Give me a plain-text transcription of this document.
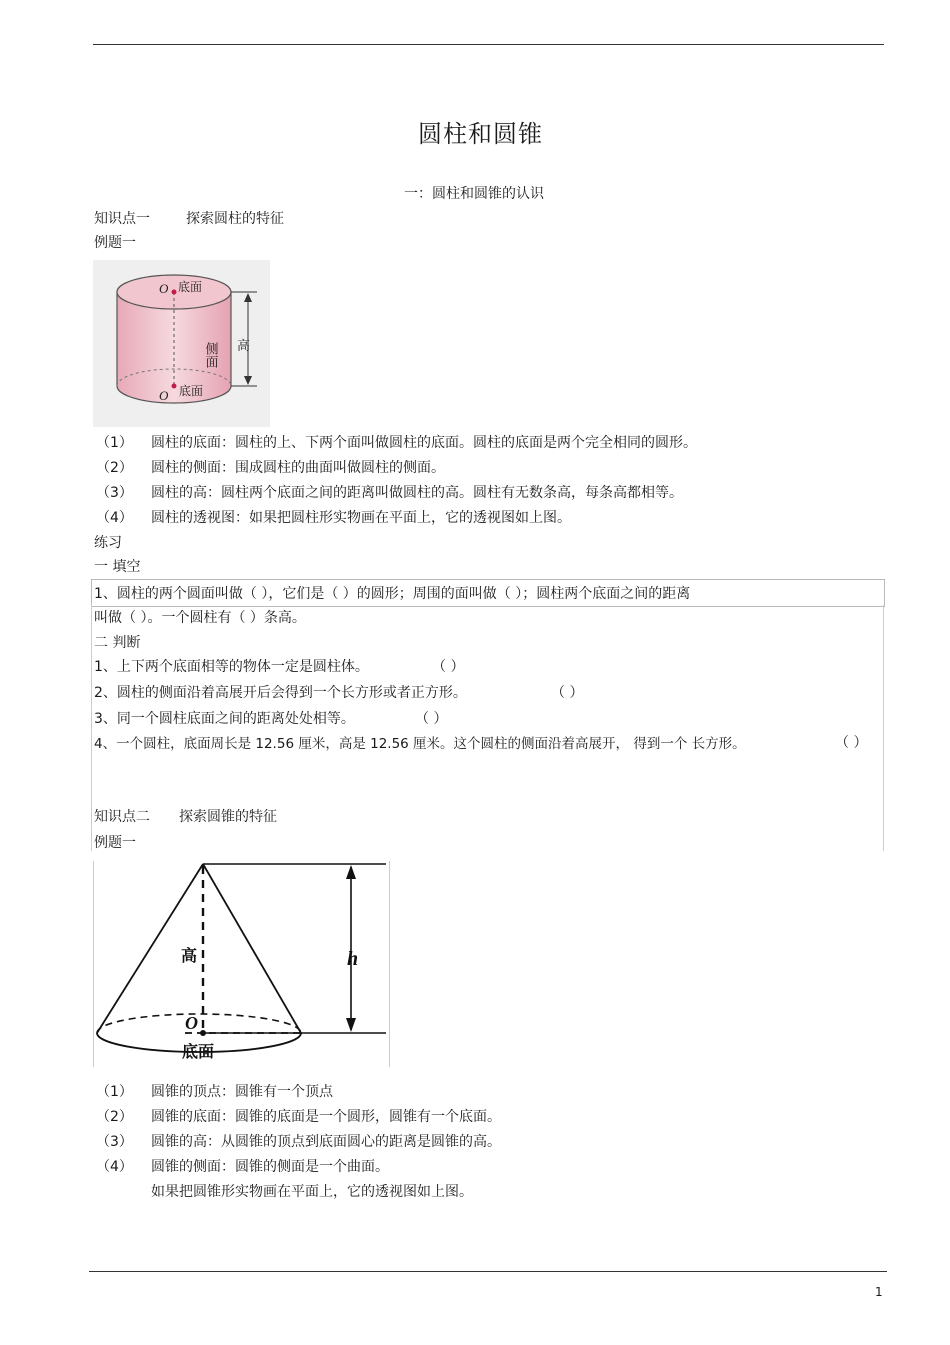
圆柱和圆锥
一：圆柱和圆锥的认识
知识点一	探索圆柱的特征
例题一
O 底面
侧面 高
O 底面
（1） 圆柱的底面：圆柱的上、下两个面叫做圆柱的底面。圆柱的底面是两个完全相同的圆形。
（2） 圆柱的侧面：围成圆柱的曲面叫做圆柱的侧面。
（3） 圆柱的高：圆柱两个底面之间的距离叫做圆柱的高。圆柱有无数条高，每条高都相等。
（4） 圆柱的透视图：如果把圆柱形实物画在平面上，它的透视图如上图。
练习
一 填空
1、圆柱的两个圆面叫做（ ），它们是（ ）的圆形；周围的面叫做（ ）；圆柱两个底面之间的距离
叫做（ ）。一个圆柱有（ ）条高。
二 判断
1、上下两个底面相等的物体一定是圆柱体。	（ ）
2、圆柱的侧面沿着高展开后会得到一个长方形或者正方形。	（ ）
3、同一个圆柱底面之间的距离处处相等。	（ ）
4、一个圆柱，底面周长是 12.56 厘米，高是 12.56 厘米。这个圆柱的侧面沿着高展开， 得到一个 长方形。	（ ）
知识点二 探索圆锥的特征
例题一
高	h
O
底面
（1） 圆锥的顶点：圆锥有一个顶点
（2） 圆锥的底面：圆锥的底面是一个圆形，圆锥有一个底面。
（3） 圆锥的高：从圆锥的顶点到底面圆心的距离是圆锥的高。
（4） 圆锥的侧面：圆锥的侧面是一个曲面。
如果把圆锥形实物画在平面上，它的透视图如上图。
1
